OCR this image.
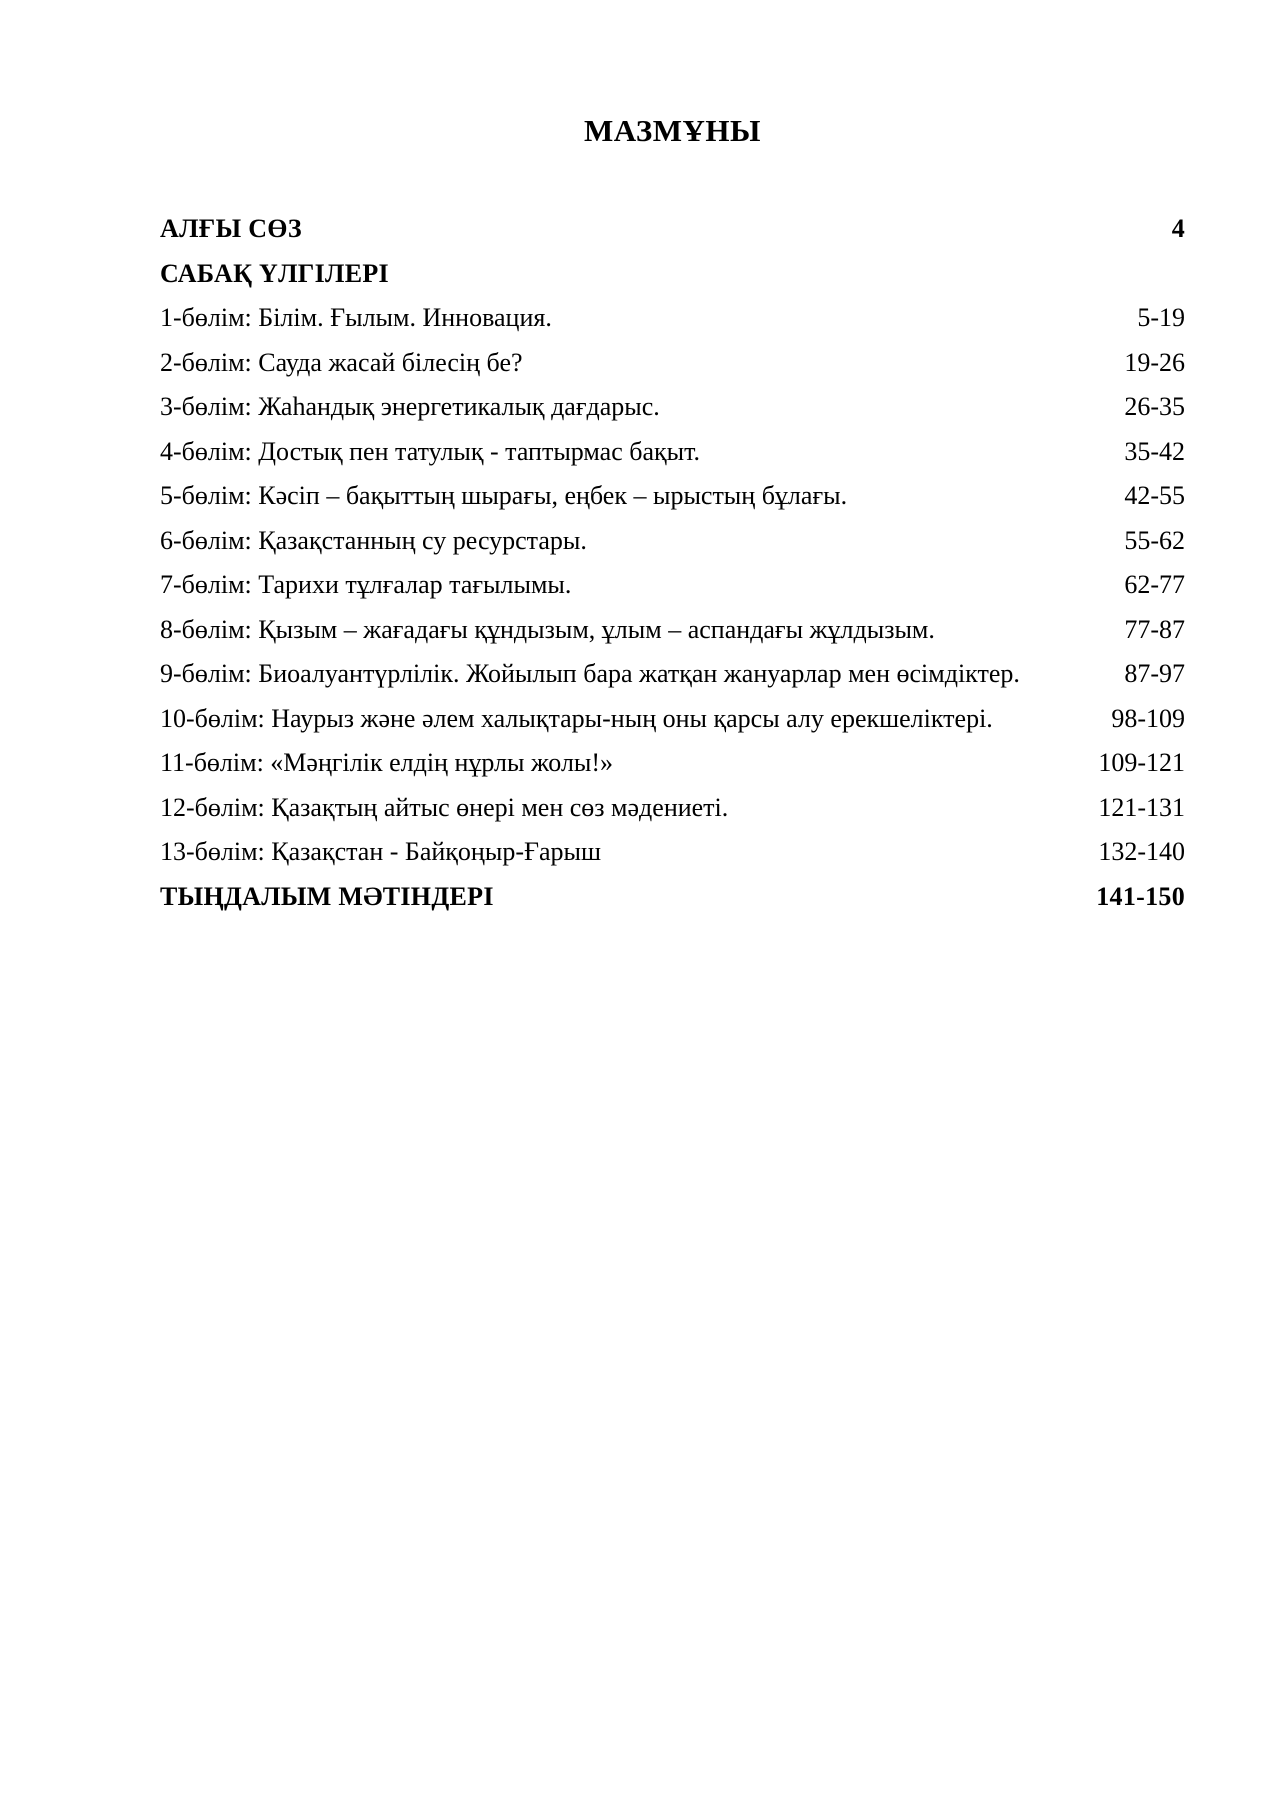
МАЗМҰНЫ
АЛҒЫ СӨЗ	4
САБАҚ ҮЛГІЛЕРІ
1-бөлім: Білім. Ғылым. Инновация.	5-19
2-бөлім: Сауда жасай білесің бе?	19-26
3-бөлім: Жаһандық энергетикалық дағдарыс.	26-35
4-бөлім: Достық пен татулық - таптырмас бақыт.	35-42
5-бөлім: Кәсіп – бақыттың шырағы, еңбек – ырыстың бұлағы.	42-55
6-бөлім: Қазақстанның су ресурстары.	55-62
7-бөлім: Тарихи тұлғалар тағылымы.	62-77
8-бөлім: Қызым – жағадағы құндызым, ұлым – аспандағы жұлдызым.	77-87
9-бөлім: Биоалуантүрлілік. Жойылып бара жатқан жануарлар мен өсімдіктер.	87-97
10-бөлім: Наурыз және әлем халықтары-ның оны қарсы алу ерекшеліктері.	98-109
11-бөлім: «Мәңгілік елдің нұрлы жолы!»	109-121
12-бөлім: Қазақтың айтыс өнері мен сөз мәдениеті.	121-131
13-бөлім: Қазақстан - Байқоңыр-Ғарыш	132-140
ТЫҢДАЛЫМ МӘТІНДЕРІ	141-150
